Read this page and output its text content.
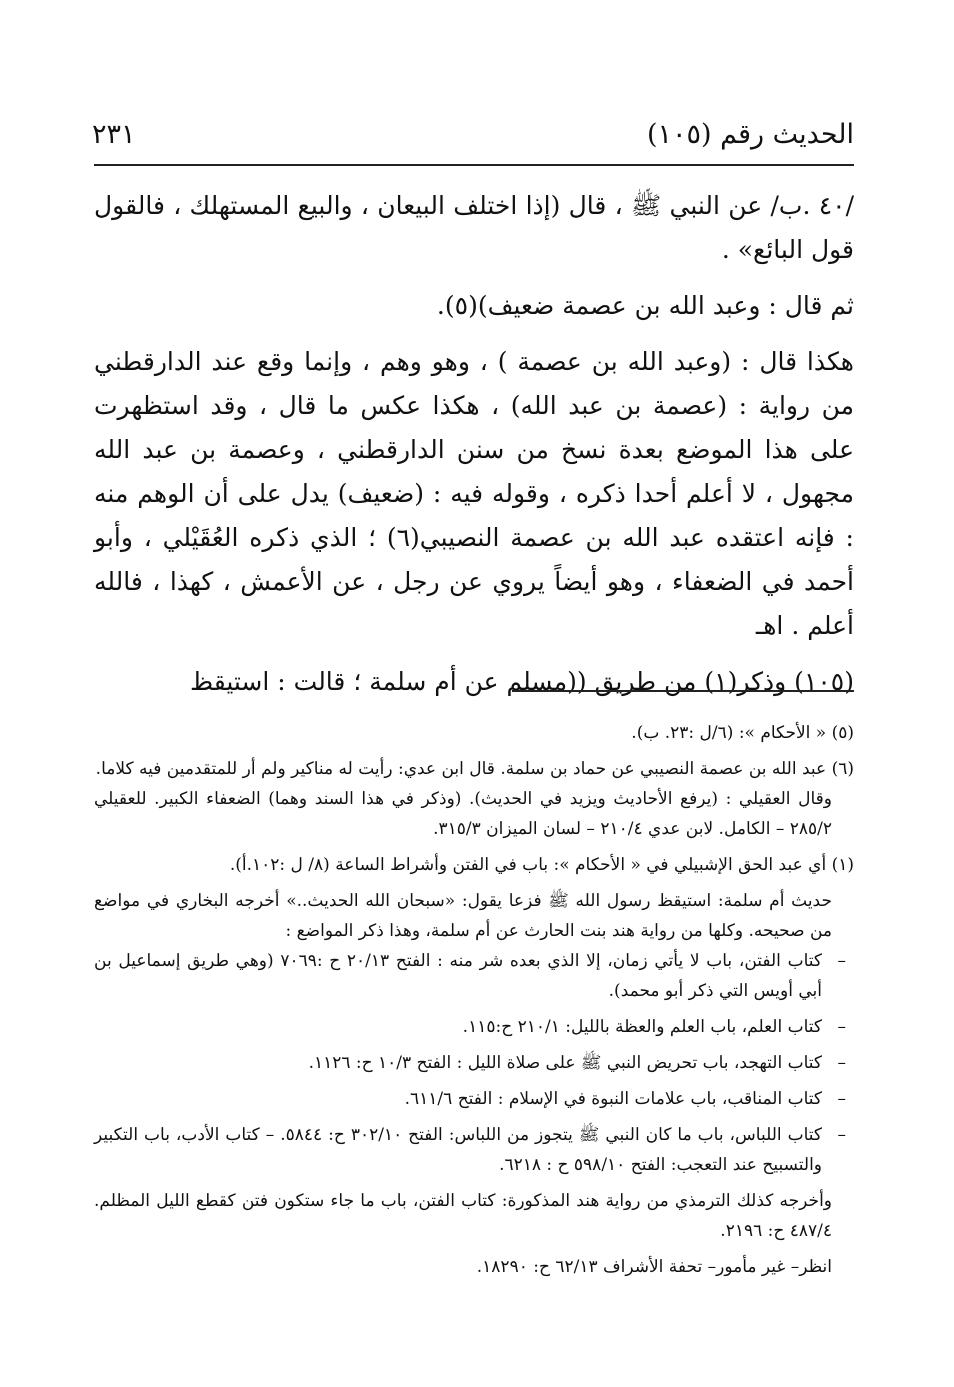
الحديث رقم (١٠٥)
٢٣١

/٤٠ .ب/ عن النبي ﷺ ، قال (إذا اختلف البيعان ، والبيع المستهلك ، فالقول قول البائع» .

ثم قال : وعبد الله بن عصمة ضعيف)(٥).

هكذا قال : (وعبد الله بن عصمة ) ، وهو وهم ، وإنما وقع عند الدارقطني من رواية : (عصمة بن عبد الله) ، هكذا عكس ما قال ، وقد استظهرت على هذا الموضع بعدة نسخ من سنن الدارقطني ، وعصمة بن عبد الله مجهول ، لا أعلم أحدا ذكره ، وقوله فيه : (ضعيف) يدل على أن الوهم منه : فإنه اعتقده عبد الله بن عصمة النصيبي(٦) ؛ الذي ذكره العُقَيْلي ، وأبو أحمد في الضعفاء ، وهو أيضاً يروي عن رجل ، عن الأعمش ، كهذا ، فالله أعلم . اهـ

(١٠٥) وذكر(١) من طريق ((مسلم عن أم سلمة ؛ قالت : استيقظ

(٥) « الأحكام »: (٦/ل :٢٣. ب).

(٦) عبد الله بن عصمة النصيبي عن حماد بن سلمة. قال ابن عدي: رأيت له مناكير ولم أر للمتقدمين فيه كلاما.

وقال العقيلي : (يرفع الأحاديث ويزيد في الحديث). (وذكر في هذا السند وهما) الضعفاء الكبير. للعقيلي ٢٨٥/٢ – الكامل. لابن عدي ٢١٠/٤ – لسان الميزان ٣١٥/٣.

(١) أي عبد الحق الإشبيلي في « الأحكام »: باب في الفتن وأشراط الساعة (٨/ ل :١٠٢.أ).

حديث أم سلمة: استيقظ رسول الله ﷺ فزعا يقول: «سبحان الله الحديث..» أخرجه البخاري في مواضع من صحيحه. وكلها من رواية هند بنت الحارث عن أم سلمة، وهذا ذكر المواضع :

–
كتاب الفتن، باب لا يأتي زمان، إلا الذي بعده شر منه : الفتح ٢٠/١٣ ح :٧٠٦٩ (وهي طريق إسماعيل بن أبي أويس التي ذكر أبو محمد).
–
كتاب العلم، باب العلم والعظة بالليل: ٢١٠/١ ح:١١٥.
–
كتاب التهجد، باب تحريض النبي ﷺ على صلاة الليل : الفتح ١٠/٣ ح: ١١٢٦.
–
كتاب المناقب، باب علامات النبوة في الإسلام : الفتح ٦١١/٦.
–
كتاب اللباس، باب ما كان النبي ﷺ يتجوز من اللباس: الفتح ٣٠٢/١٠ ح: ٥٨٤٤. – كتاب الأدب، باب التكبير والتسبيح عند التعجب: الفتح ٥٩٨/١٠ ح : ٦٢١٨.

وأخرجه كذلك الترمذي من رواية هند المذكورة: كتاب الفتن، باب ما جاء ستكون فتن كقطع الليل المظلم. ٤٨٧/٤ ح: ٢١٩٦.

انظر– غير مأمور– تحفة الأشراف ٦٢/١٣ ح: ١٨٢٩٠.
